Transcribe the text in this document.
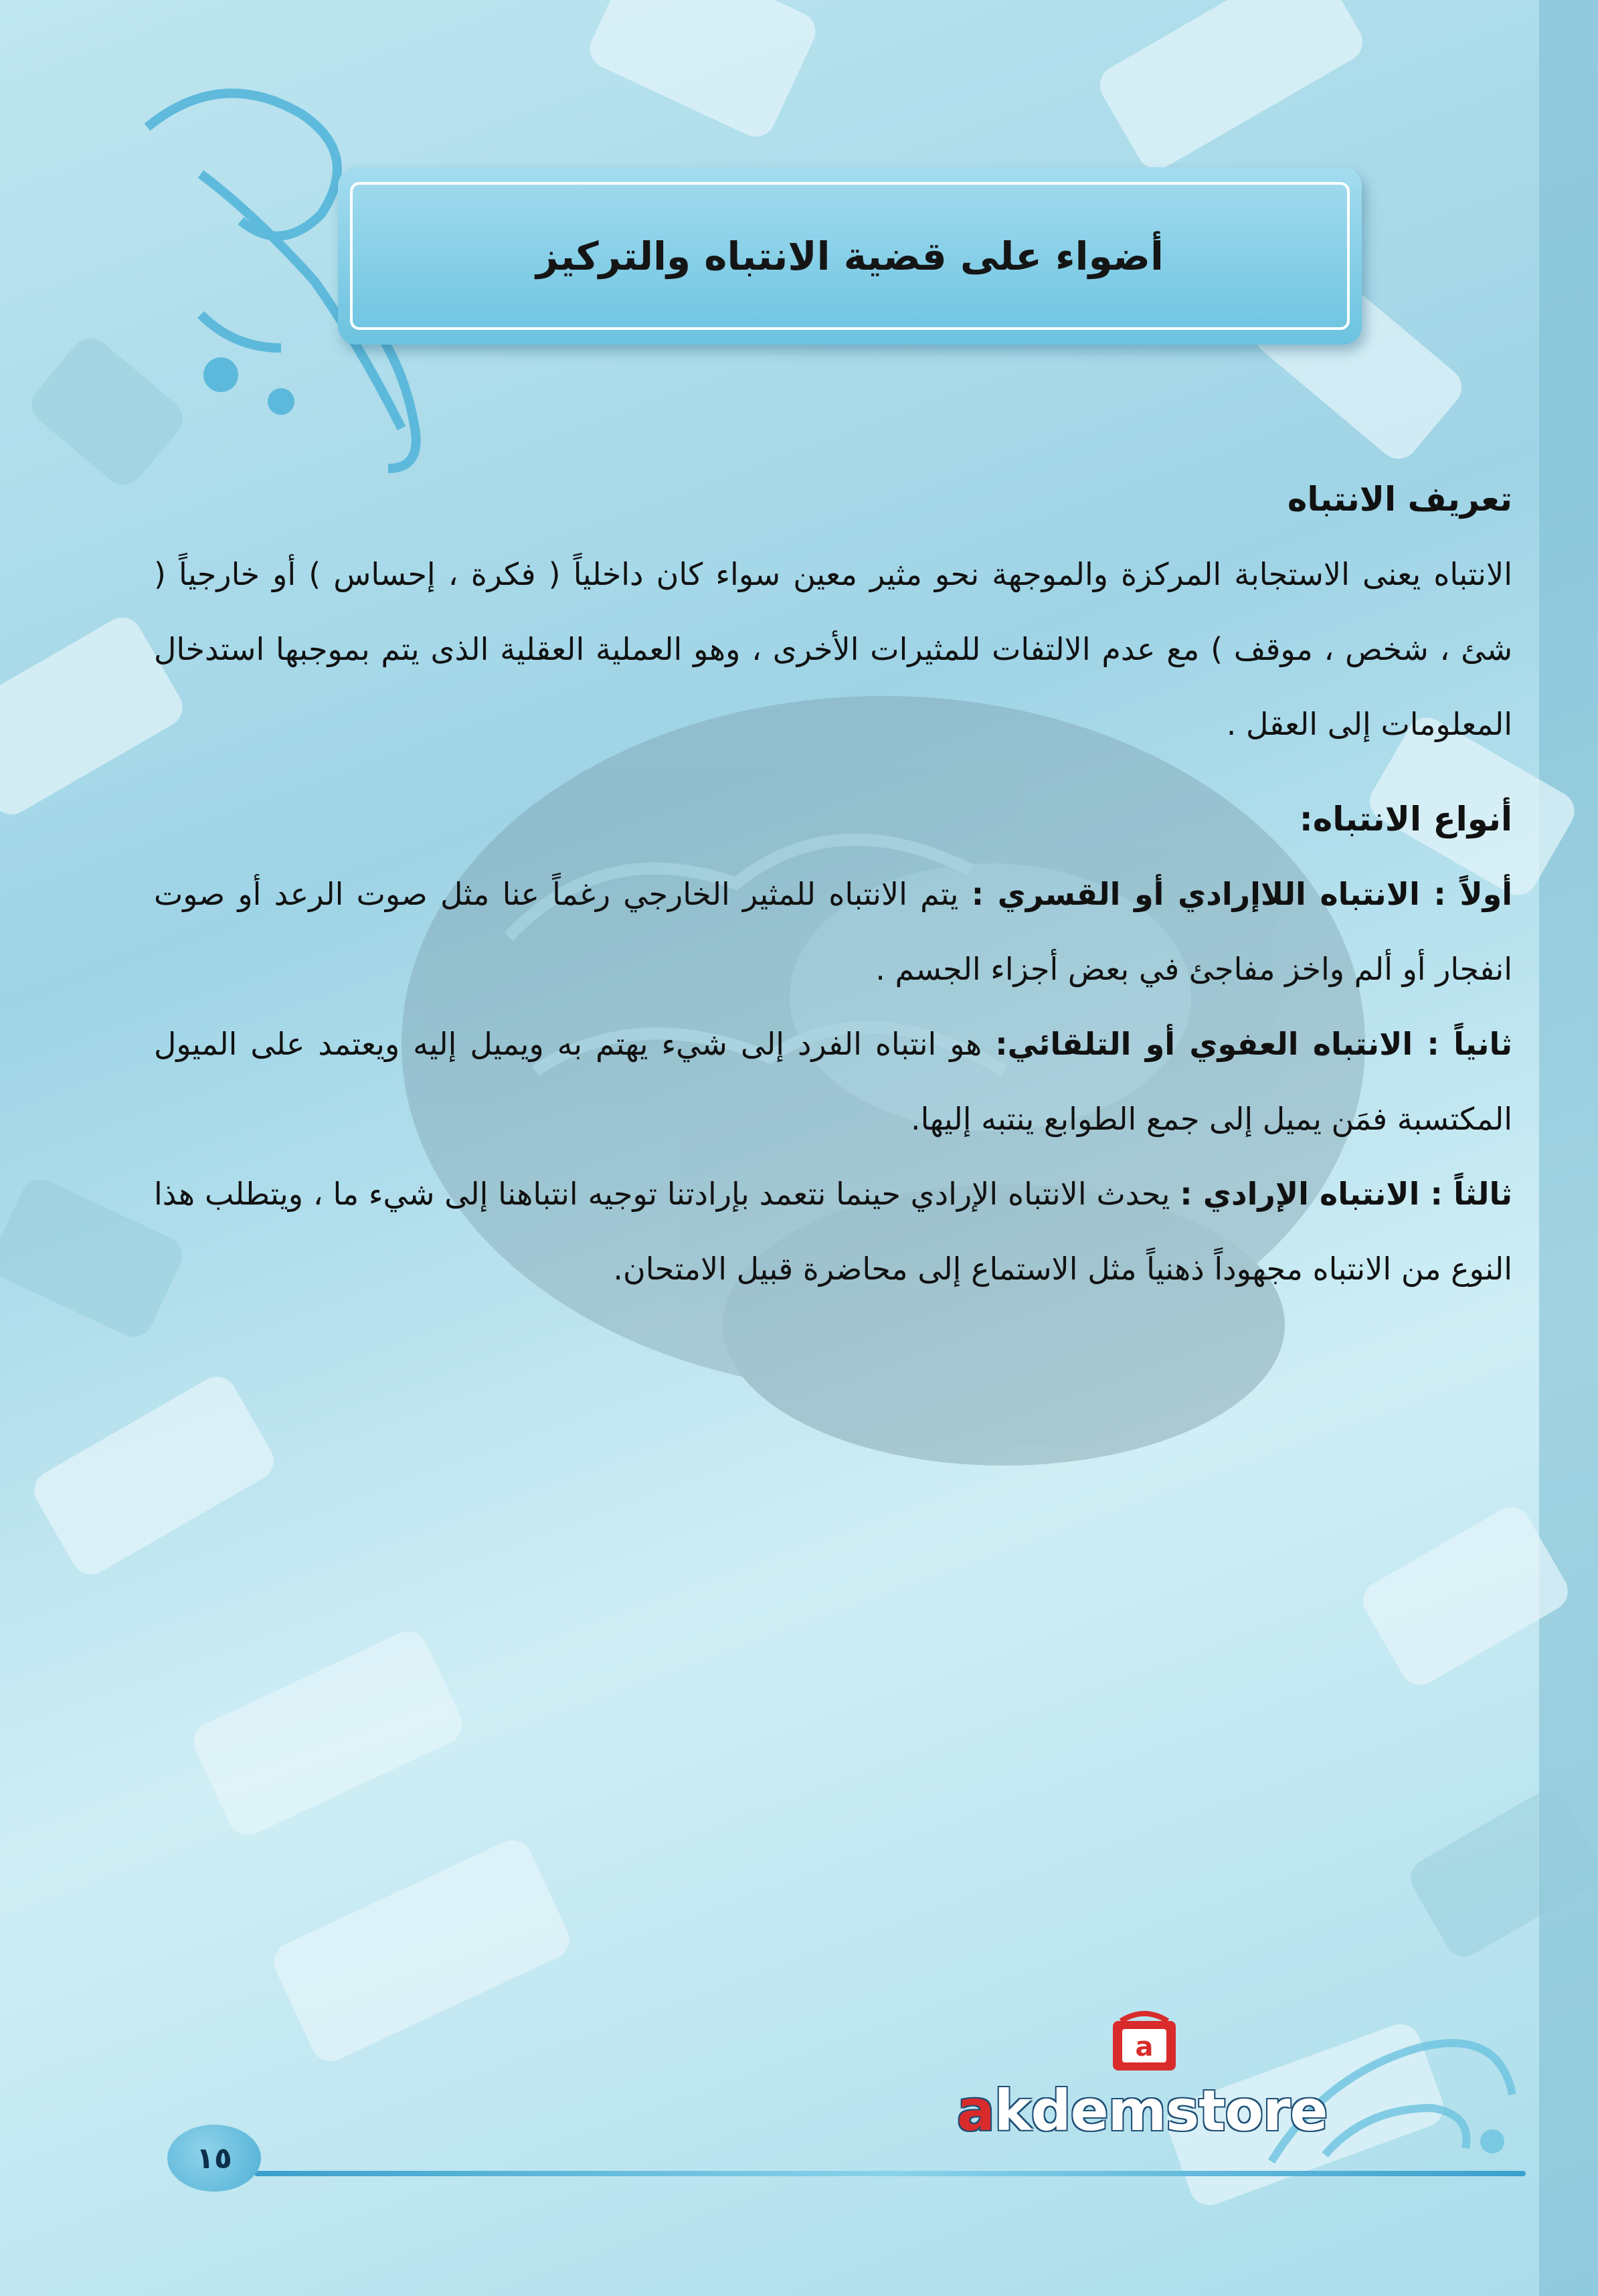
أضواء على قضية الانتباه والتركيز

تعريف الانتباه

الانتباه يعنى الاستجابة المركزة والموجهة نحو مثير معين سواء كان داخلياً ( فكرة ، إحساس ) أو خارجياً ( شئ ، شخص ، موقف ) مع عدم الالتفات للمثيرات الأخرى ، وهو العملية العقلية الذى يتم بموجبها استدخال المعلومات إلى العقل .

أنواع الانتباه:

أولاً : الانتباه اللاإرادي أو القسري : يتم الانتباه للمثير الخارجي رغماً عنا مثل صوت الرعد أو صوت انفجار أو ألم واخز مفاجئ في بعض أجزاء الجسم .

ثانياً : الانتباه العفوي أو التلقائي: هو انتباه الفرد إلى شيء يهتم به ويميل إليه ويعتمد على الميول المكتسبة فمَن يميل إلى جمع الطوابع ينتبه إليها.

ثالثاً : الانتباه الإرادي : يحدث الانتباه الإرادي حينما نتعمد بإرادتنا توجيه انتباهنا إلى شيء ما ، ويتطلب هذا النوع من الانتباه مجهوداً ذهنياً مثل الاستماع إلى محاضرة قبيل الامتحان.

a
akdemstore
١٥
